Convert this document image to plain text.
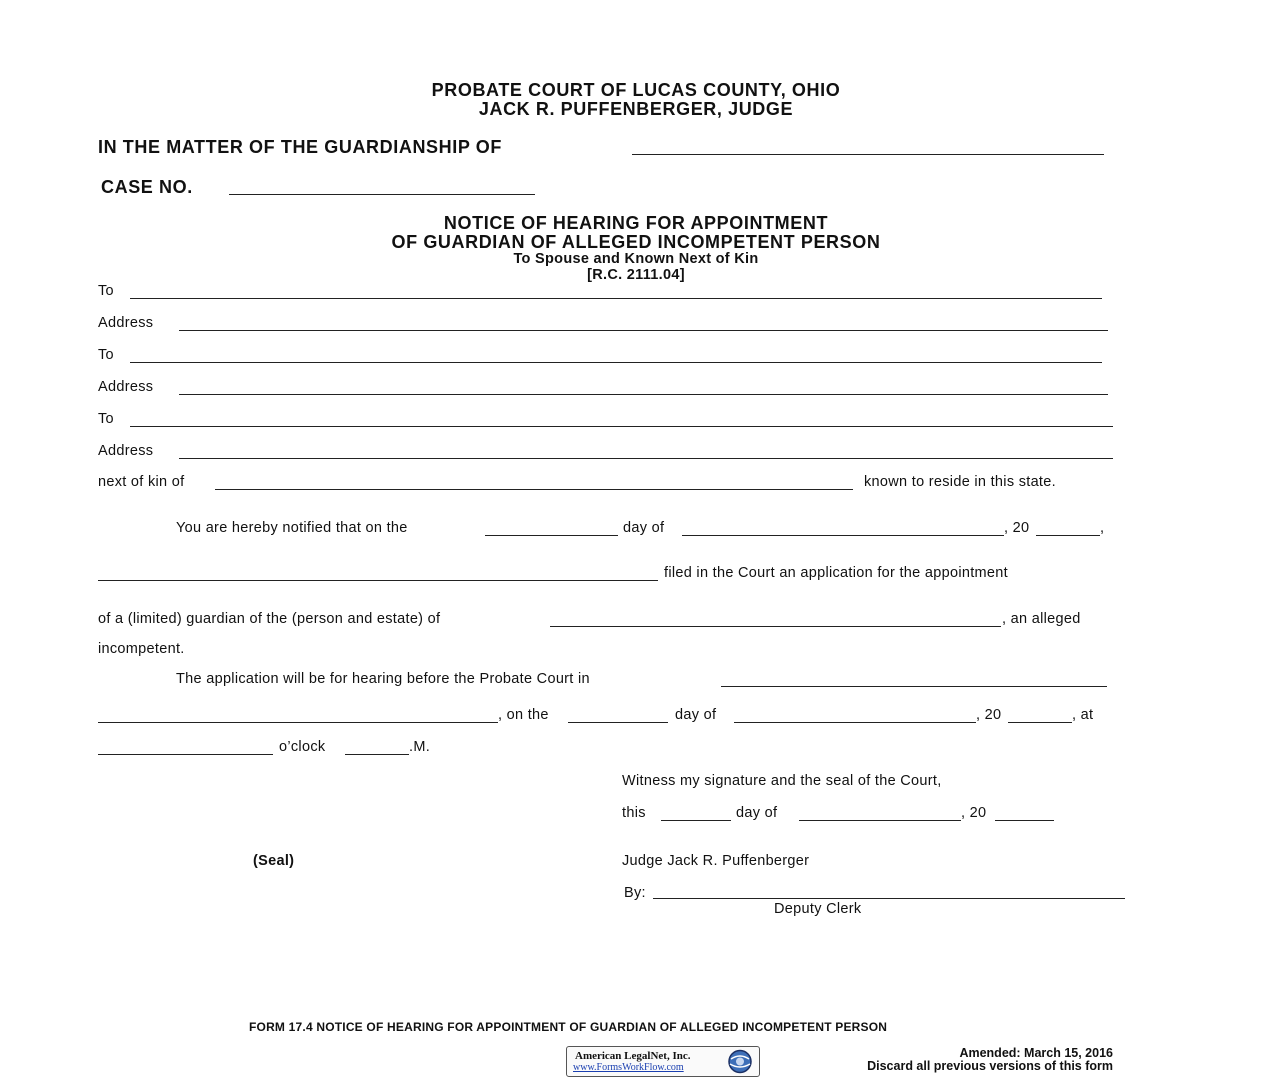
PROBATE COURT OF LUCAS COUNTY, OHIO
JACK R. PUFFENBERGER, JUDGE
IN THE MATTER OF THE GUARDIANSHIP OF
CASE NO.
NOTICE OF HEARING FOR APPOINTMENT
OF GUARDIAN OF ALLEGED INCOMPETENT PERSON
To Spouse and Known Next of Kin
[R.C. 2111.04]
To
Address
To
Address
To
Address
next of kin of	known to reside in this state.
You are hereby notified that on the	day of	, 20	,
filed in the Court an application for the appointment
of a (limited) guardian of the (person and estate) of	, an alleged
incompetent.
The application will be for hearing before the Probate Court in
, on the	day of	, 20	, at
o’clock	.M.
Witness my signature and the seal of the Court,
this	day of	, 20
(Seal)	Judge Jack R. Puffenberger
By:
Deputy Clerk
FORM 17.4 NOTICE OF HEARING FOR APPOINTMENT OF GUARDIAN OF ALLEGED INCOMPETENT PERSON
American LegalNet, Inc.
www.FormsWorkFlow.com
Amended: March 15, 2016
Discard all previous versions of this form
